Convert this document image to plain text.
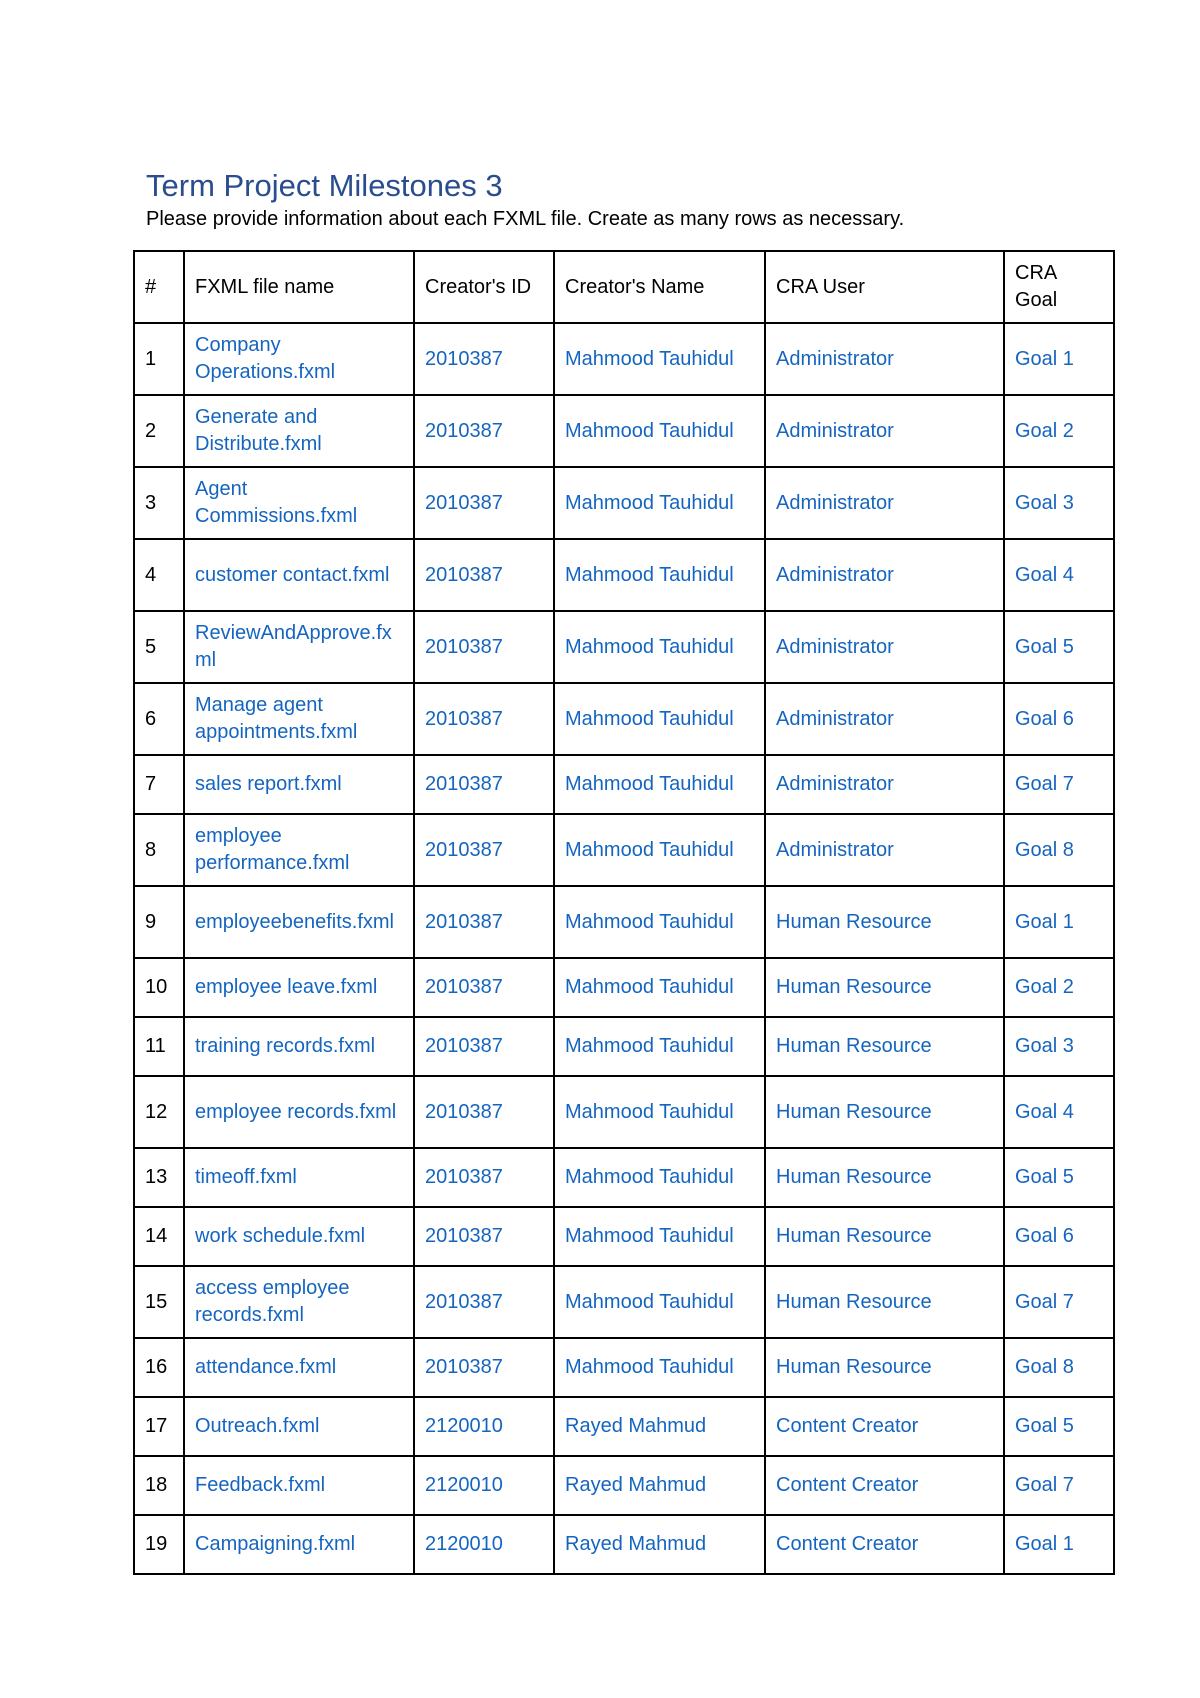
Term Project Milestones 3
Please provide information about each FXML file. Create as many rows as necessary.
#	FXML file name	Creator's ID	Creator's Name	CRA User	CRA Goal
1	Company Operations.fxml	2010387	Mahmood Tauhidul	Administrator	Goal 1
2	Generate and Distribute.fxml	2010387	Mahmood Tauhidul	Administrator	Goal 2
3	Agent Commissions.fxml	2010387	Mahmood Tauhidul	Administrator	Goal 3
4	customer contact.fxml	2010387	Mahmood Tauhidul	Administrator	Goal 4
5	ReviewAndApprove.fxml	2010387	Mahmood Tauhidul	Administrator	Goal 5
6	Manage agent appointments.fxml	2010387	Mahmood Tauhidul	Administrator	Goal 6
7	sales report.fxml	2010387	Mahmood Tauhidul	Administrator	Goal 7
8	employee performance.fxml	2010387	Mahmood Tauhidul	Administrator	Goal 8
9	employeebenefits.fxml	2010387	Mahmood Tauhidul	Human Resource	Goal 1
10	employee leave.fxml	2010387	Mahmood Tauhidul	Human Resource	Goal 2
11	training records.fxml	2010387	Mahmood Tauhidul	Human Resource	Goal 3
12	employee records.fxml	2010387	Mahmood Tauhidul	Human Resource	Goal 4
13	timeoff.fxml	2010387	Mahmood Tauhidul	Human Resource	Goal 5
14	work schedule.fxml	2010387	Mahmood Tauhidul	Human Resource	Goal 6
15	access employee records.fxml	2010387	Mahmood Tauhidul	Human Resource	Goal 7
16	attendance.fxml	2010387	Mahmood Tauhidul	Human Resource	Goal 8
17	Outreach.fxml	2120010	Rayed Mahmud	Content Creator	Goal 5
18	Feedback.fxml	2120010	Rayed Mahmud	Content Creator	Goal 7
19	Campaigning.fxml	2120010	Rayed Mahmud	Content Creator	Goal 1
